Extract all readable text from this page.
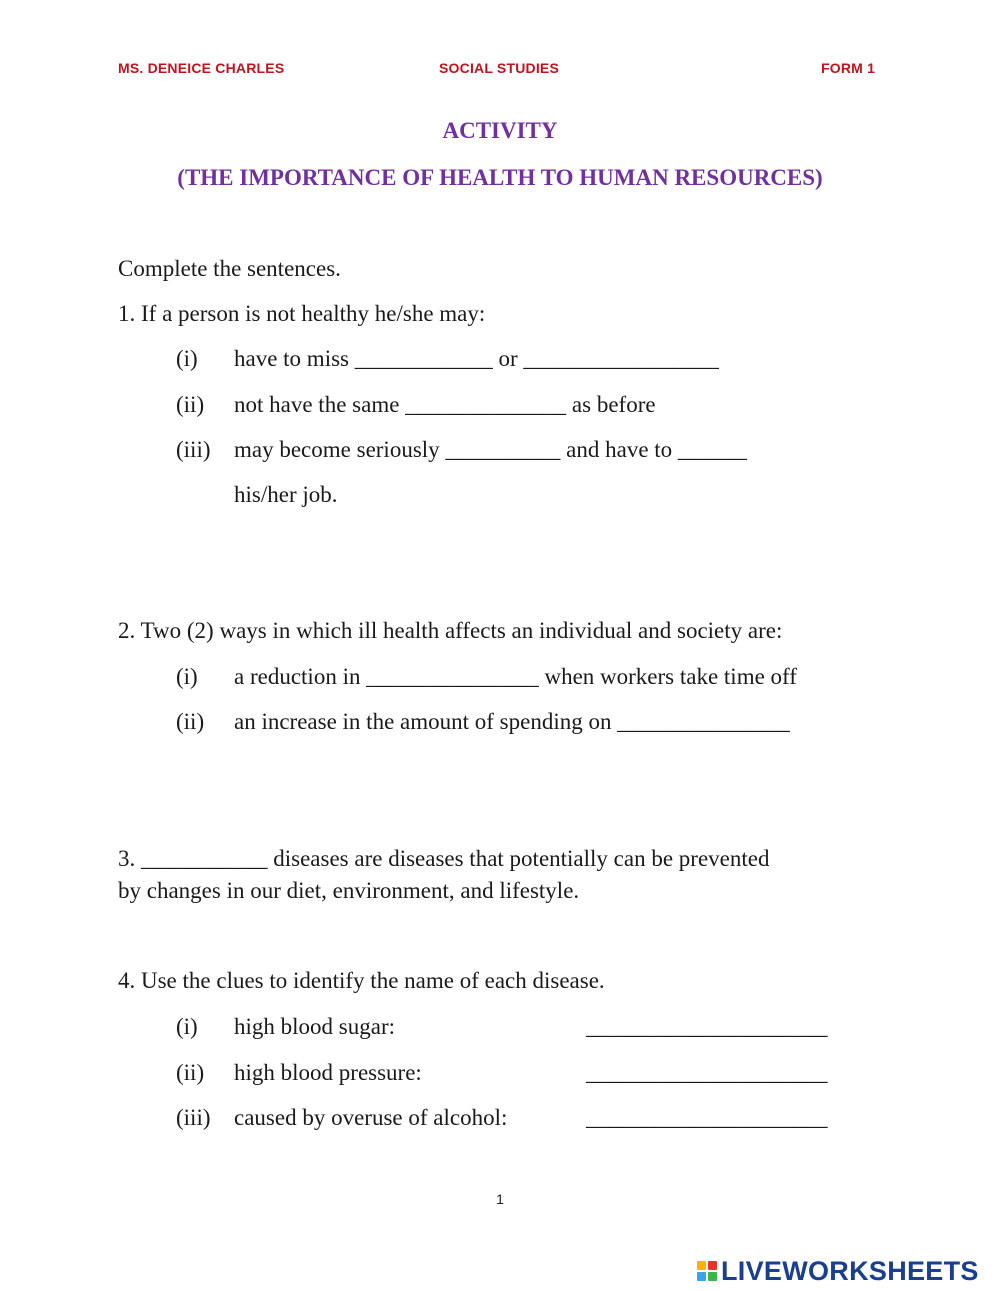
MS. DENEICE CHARLES	SOCIAL STUDIES	FORM 1
ACTIVITY
(THE IMPORTANCE OF HEALTH TO HUMAN RESOURCES)
Complete the sentences.
1. If a person is not healthy he/she may:
(i) have to miss ____________ or _________________
(ii) not have the same ______________ as before
(iii) may become seriously __________ and have to ______
his/her job.
2. Two (2) ways in which ill health affects an individual and society are:
(i) a reduction in _______________ when workers take time off
(ii) an increase in the amount of spending on _______________
3. ___________ diseases are diseases that potentially can be prevented
by changes in our diet, environment, and lifestyle.
4. Use the clues to identify the name of each disease.
(i) high blood sugar:	_____________________
(ii) high blood pressure:	_____________________
(iii) caused by overuse of alcohol:	_____________________
1
LIVEWORKSHEETS
